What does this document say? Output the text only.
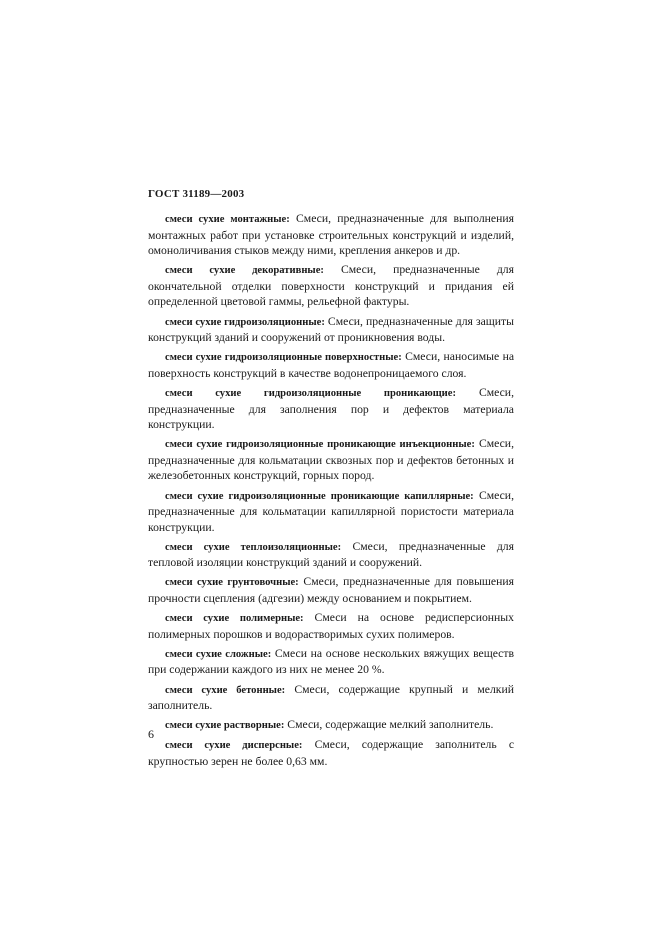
ГОСТ 31189—2003

смеси сухие монтажные: Смеси, предназначенные для выполнения монтажных работ при установке строительных конструкций и изделий, омоноличивания стыков между ними, крепления анкеров и др.

смеси сухие декоративные: Смеси, предназначенные для окончательной отделки поверхности конструкций и придания ей определенной цветовой гаммы, рельефной фактуры.

смеси сухие гидроизоляционные: Смеси, предназначенные для защиты конструкций зданий и сооружений от проникновения воды.

смеси сухие гидроизоляционные поверхностные: Смеси, наносимые на поверхность конструкций в качестве водонепроницаемого слоя.

смеси сухие гидроизоляционные проникающие: Смеси, предназначенные для заполнения пор и дефектов материала конструкции.

смеси сухие гидроизоляционные проникающие инъекционные: Смеси, предназначенные для кольматации сквозных пор и дефектов бетонных и железобетонных конструкций, горных пород.

смеси сухие гидроизоляционные проникающие капиллярные: Смеси, предназначенные для кольматации капиллярной пористости материала конструкции.

смеси сухие теплоизоляционные: Смеси, предназначенные для тепловой изоляции конструкций зданий и сооружений.

смеси сухие грунтовочные: Смеси, предназначенные для повышения прочности сцепления (адгезии) между основанием и покрытием.

смеси сухие полимерные: Смеси на основе редисперсионных полимерных порошков и водорастворимых сухих полимеров.

смеси сухие сложные: Смеси на основе нескольких вяжущих веществ при содержании каждого из них не менее 20 %.

смеси сухие бетонные: Смеси, содержащие крупный и мелкий заполнитель.

смеси сухие растворные: Смеси, содержащие мелкий заполнитель.

смеси сухие дисперсные: Смеси, содержащие заполнитель с крупностью зерен не более 0,63 мм.

6
